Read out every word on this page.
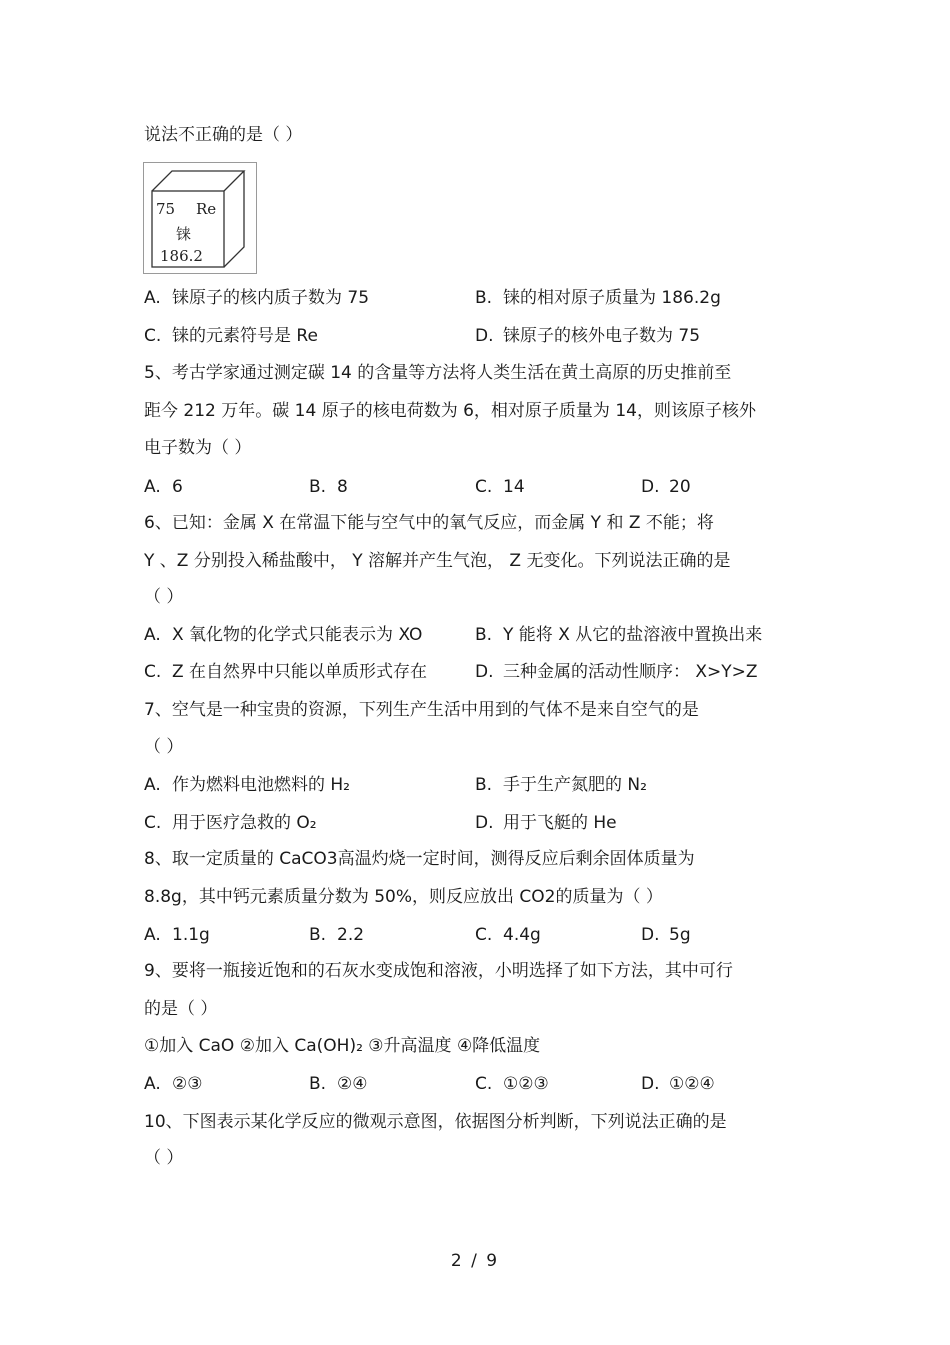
说法不正确的是（ ）
75 Re
铼
186.2
A. 铼原子的核内质子数为 75	B. 铼的相对原子质量为 186.2g
C. 铼的元素符号是 Re	D. 铼原子的核外电子数为 75
5、考古学家通过测定碳 14 的含量等方法将人类生活在黄土高原的历史推前至
距今 212 万年。碳 14 原子的核电荷数为 6，相对原子质量为 14，则该原子核外
电子数为（ ）
A. 6	B. 8	C. 14	D. 20
6、已知：金属 X 在常温下能与空气中的氧气反应，而金属 Y 和 Z 不能；将
Y 、Z 分别投入稀盐酸中， Y 溶解并产生气泡， Z 无变化。下列说法正确的是
（ ）
A. X 氧化物的化学式只能表示为 XO	B. Y 能将 X 从它的盐溶液中置换出来
C. Z 在自然界中只能以单质形式存在	D. 三种金属的活动性顺序： X>Y>Z
7、空气是一种宝贵的资源，下列生产生活中用到的气体不是来自空气的是
（ ）
A. 作为燃料电池燃料的 H₂	B. 手于生产氮肥的 N₂
C. 用于医疗急救的 O₂	D. 用于飞艇的 He
8、取一定质量的 CaCO3高温灼烧一定时间，测得反应后剩余固体质量为
8.8g，其中钙元素质量分数为 50%，则反应放出 CO2的质量为（ ）
A. 1.1g	B. 2.2	C. 4.4g	D. 5g
9、要将一瓶接近饱和的石灰水变成饱和溶液，小明选择了如下方法，其中可行
的是（ ）
①加入 CaO ②加入 Ca(OH)₂ ③升高温度 ④降低温度
A. ②③	B. ②④	C. ①②③	D. ①②④
10、下图表示某化学反应的微观示意图，依据图分析判断，下列说法正确的是
（ ）
2 / 9
